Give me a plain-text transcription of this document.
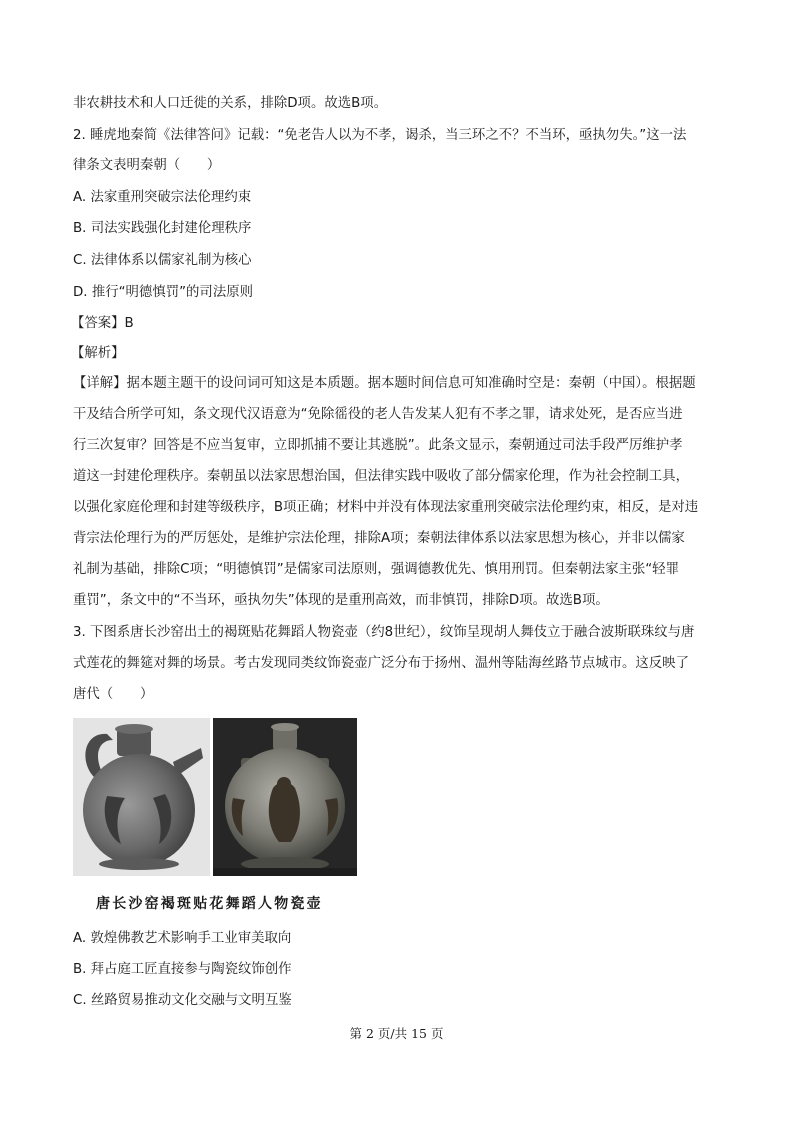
非农耕技术和人口迁徙的关系，排除D项。故选B项。
2. 睡虎地秦简《法律答问》记载：“免老告人以为不孝，谒杀，当三环之不？不当环，亟执勿失。”这一法
律条文表明秦朝（　　）
A. 法家重刑突破宗法伦理约束
B. 司法实践强化封建伦理秩序
C. 法律体系以儒家礼制为核心
D. 推行“明德慎罚”的司法原则
【答案】B
【解析】
【详解】据本题主题干的设问词可知这是本质题。据本题时间信息可知准确时空是：秦朝（中国）。根据题
干及结合所学可知，条文现代汉语意为“免除徭役的老人告发某人犯有不孝之罪，请求处死，是否应当进
行三次复审？回答是不应当复审，立即抓捕不要让其逃脱”。此条文显示，秦朝通过司法手段严厉维护孝
道这一封建伦理秩序。秦朝虽以法家思想治国，但法律实践中吸收了部分儒家伦理，作为社会控制工具，
以强化家庭伦理和封建等级秩序，B项正确；材料中并没有体现法家重刑突破宗法伦理约束，相反，是对违
背宗法伦理行为的严厉惩处，是维护宗法伦理，排除A项；秦朝法律体系以法家思想为核心，并非以儒家
礼制为基础，排除C项；“明德慎罚”是儒家司法原则，强调德教优先、慎用刑罚。但秦朝法家主张“轻罪
重罚”，条文中的“不当环，亟执勿失”体现的是重刑高效，而非慎罚，排除D项。故选B项。
3. 下图系唐长沙窑出土的褐斑贴花舞蹈人物瓷壶（约8世纪），纹饰呈现胡人舞伎立于融合波斯联珠纹与唐
式莲花的舞筵对舞的场景。考古发现同类纹饰瓷壶广泛分布于扬州、温州等陆海丝路节点城市。这反映了
唐代（　　）
唐长沙窑褐斑贴花舞蹈人物瓷壶
A. 敦煌佛教艺术影响手工业审美取向
B. 拜占庭工匠直接参与陶瓷纹饰创作
C. 丝路贸易推动文化交融与文明互鉴
第 2 页/共 15 页
